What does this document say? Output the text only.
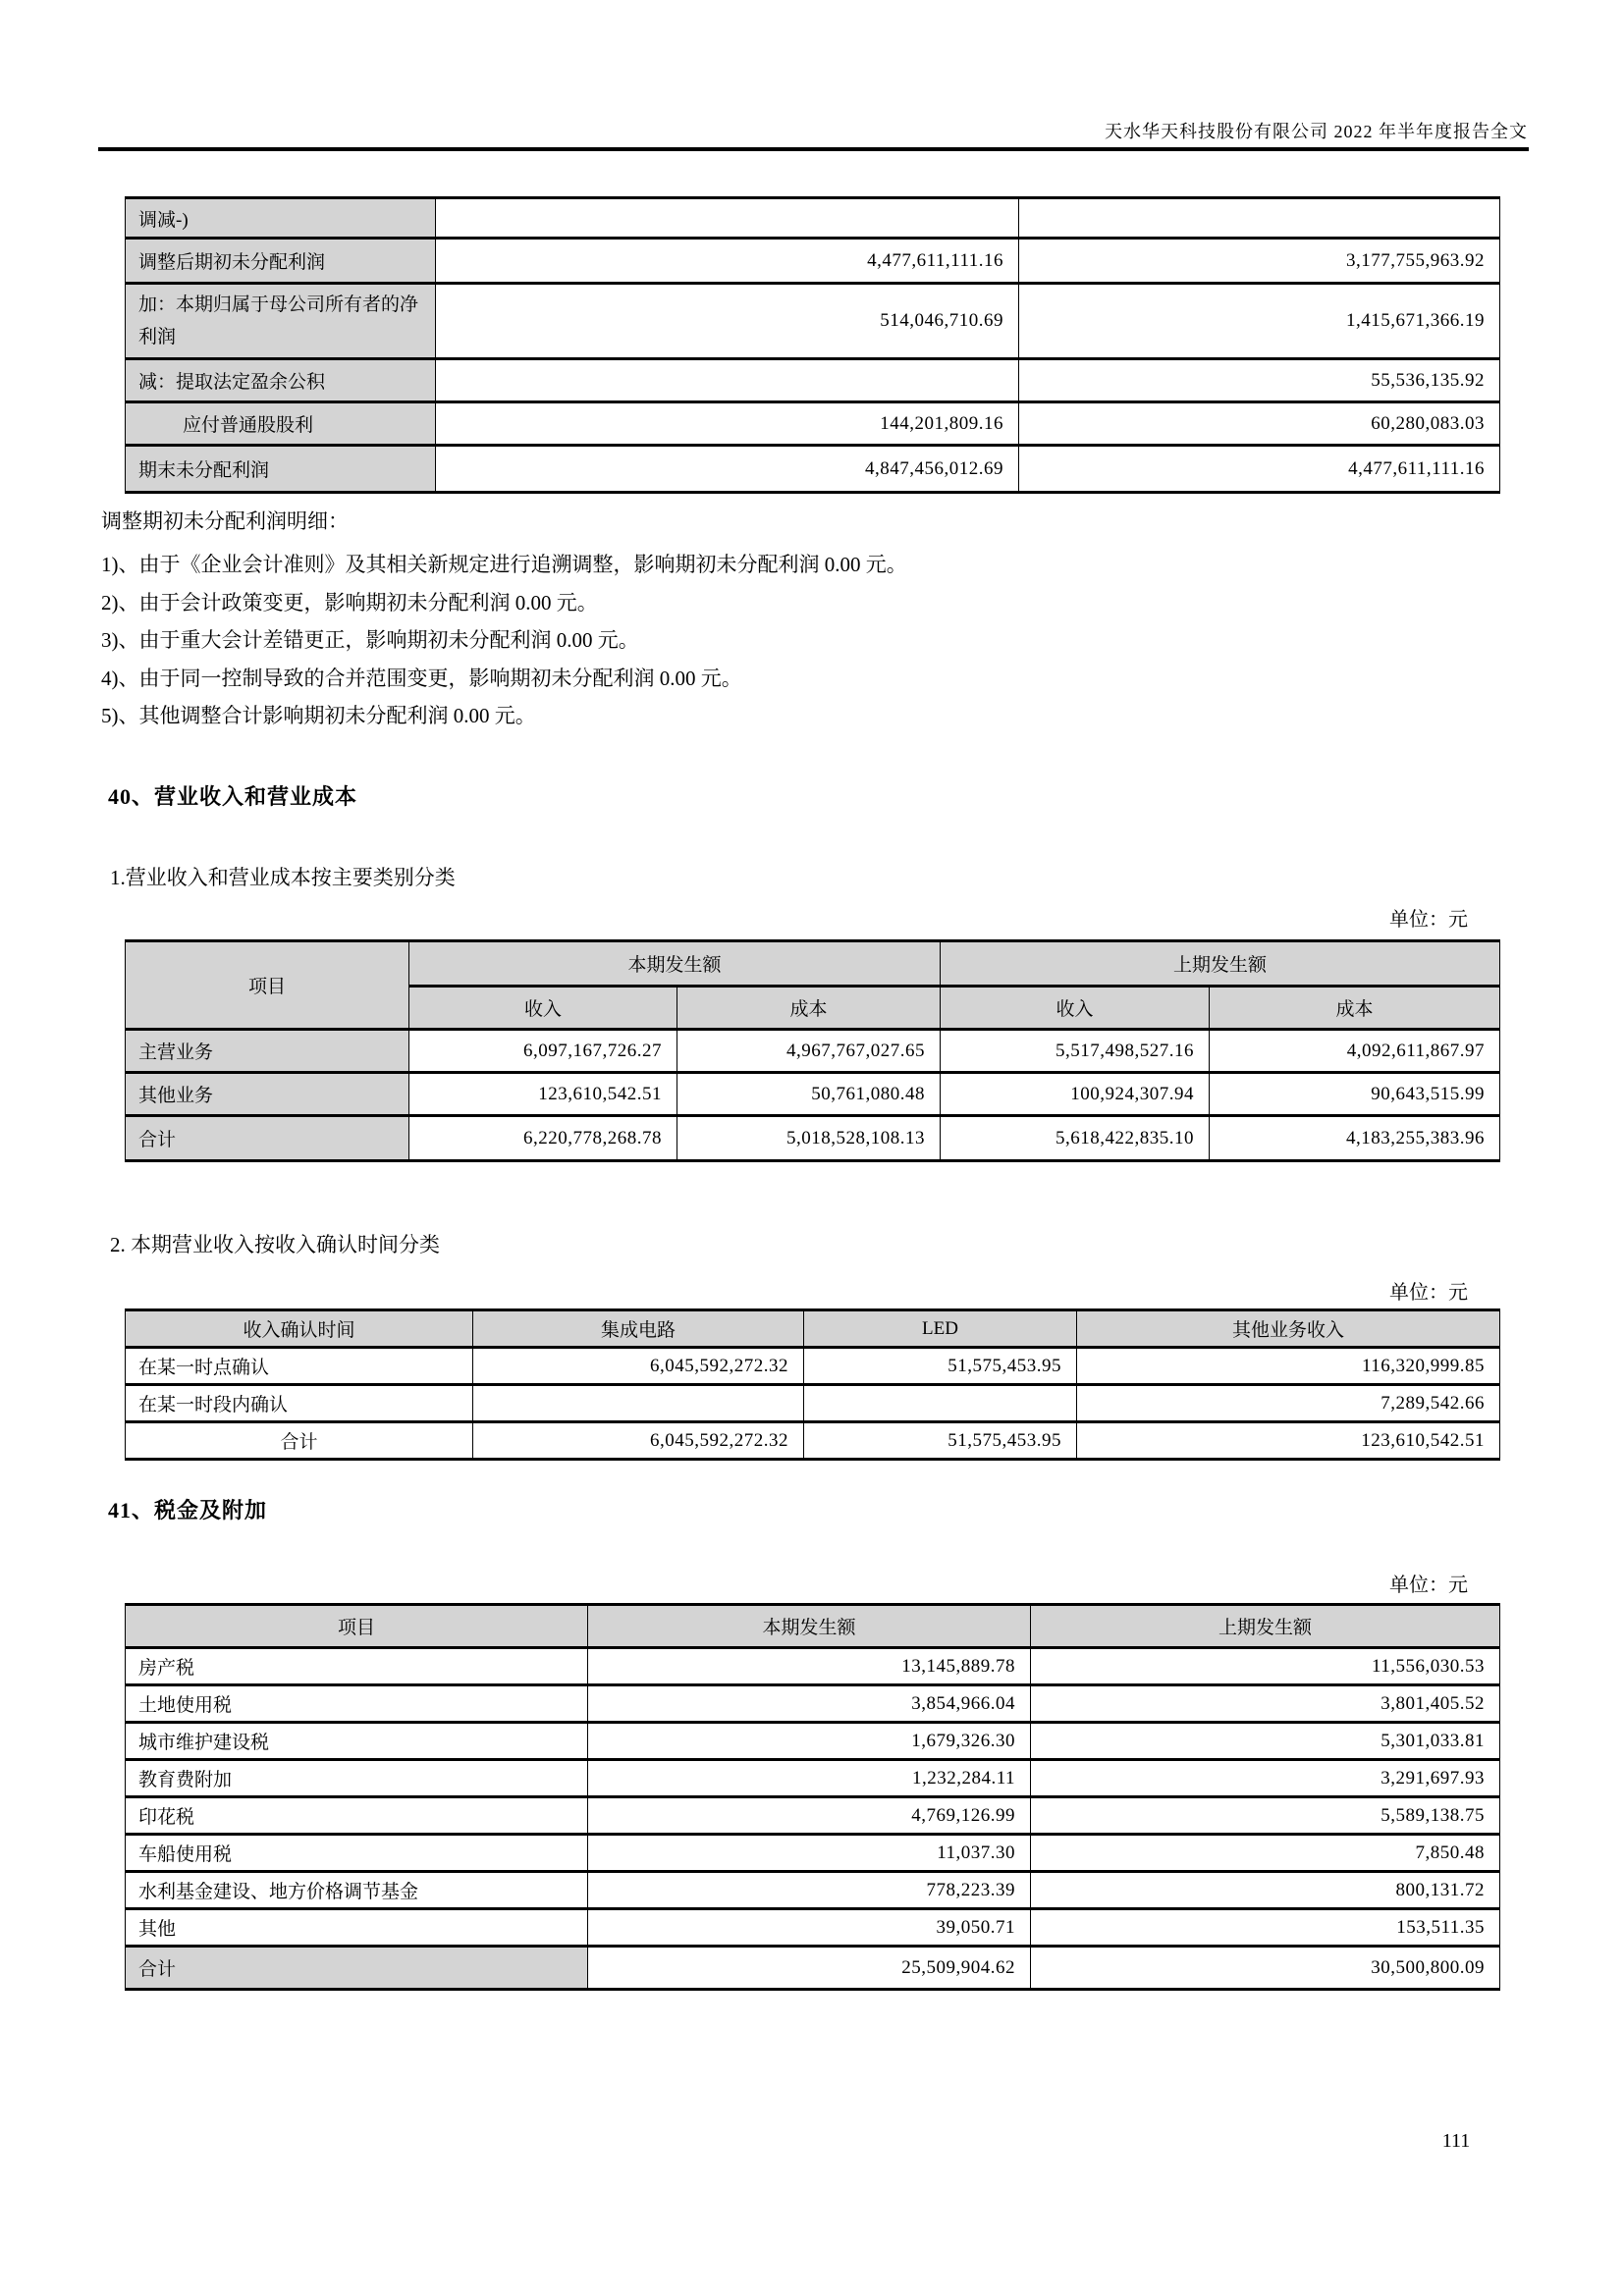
天水华天科技股份有限公司 2022 年半年度报告全文
调减-)		
调整后期初未分配利润	4,477,611,111.16	3,177,755,963.92
加：本期归属于母公司所有者的净利润	514,046,710.69	1,415,671,366.19
减：提取法定盈余公积		55,536,135.92
应付普通股股利	144,201,809.16	60,280,083.03
期末未分配利润	4,847,456,012.69	4,477,611,111.16
调整期初未分配利润明细：

1)、由于《企业会计准则》及其相关新规定进行追溯调整，影响期初未分配利润 0.00 元。

2)、由于会计政策变更，影响期初未分配利润 0.00 元。

3)、由于重大会计差错更正，影响期初未分配利润 0.00 元。

4)、由于同一控制导致的合并范围变更，影响期初未分配利润 0.00 元。

5)、其他调整合计影响期初未分配利润 0.00 元。

40、营业收入和营业成本
1.营业收入和营业成本按主要类别分类
单位：元
项目	本期发生额		上期发生额	
	收入	成本	收入	成本
主营业务	6,097,167,726.27	4,967,767,027.65	5,517,498,527.16	4,092,611,867.97
其他业务	123,610,542.51	50,761,080.48	100,924,307.94	90,643,515.99
合计	6,220,778,268.78	5,018,528,108.13	5,618,422,835.10	4,183,255,383.96
2. 本期营业收入按收入确认时间分类
单位：元
收入确认时间	集成电路	LED	其他业务收入
在某一时点确认	6,045,592,272.32	51,575,453.95	116,320,999.85
在某一时段内确认			7,289,542.66
合计	6,045,592,272.32	51,575,453.95	123,610,542.51
41、税金及附加
单位：元
项目	本期发生额	上期发生额
房产税	13,145,889.78	11,556,030.53
土地使用税	3,854,966.04	3,801,405.52
城市维护建设税	1,679,326.30	5,301,033.81
教育费附加	1,232,284.11	3,291,697.93
印花税	4,769,126.99	5,589,138.75
车船使用税	11,037.30	7,850.48
水利基金建设、地方价格调节基金	778,223.39	800,131.72
其他	39,050.71	153,511.35
合计	25,509,904.62	30,500,800.09
111
